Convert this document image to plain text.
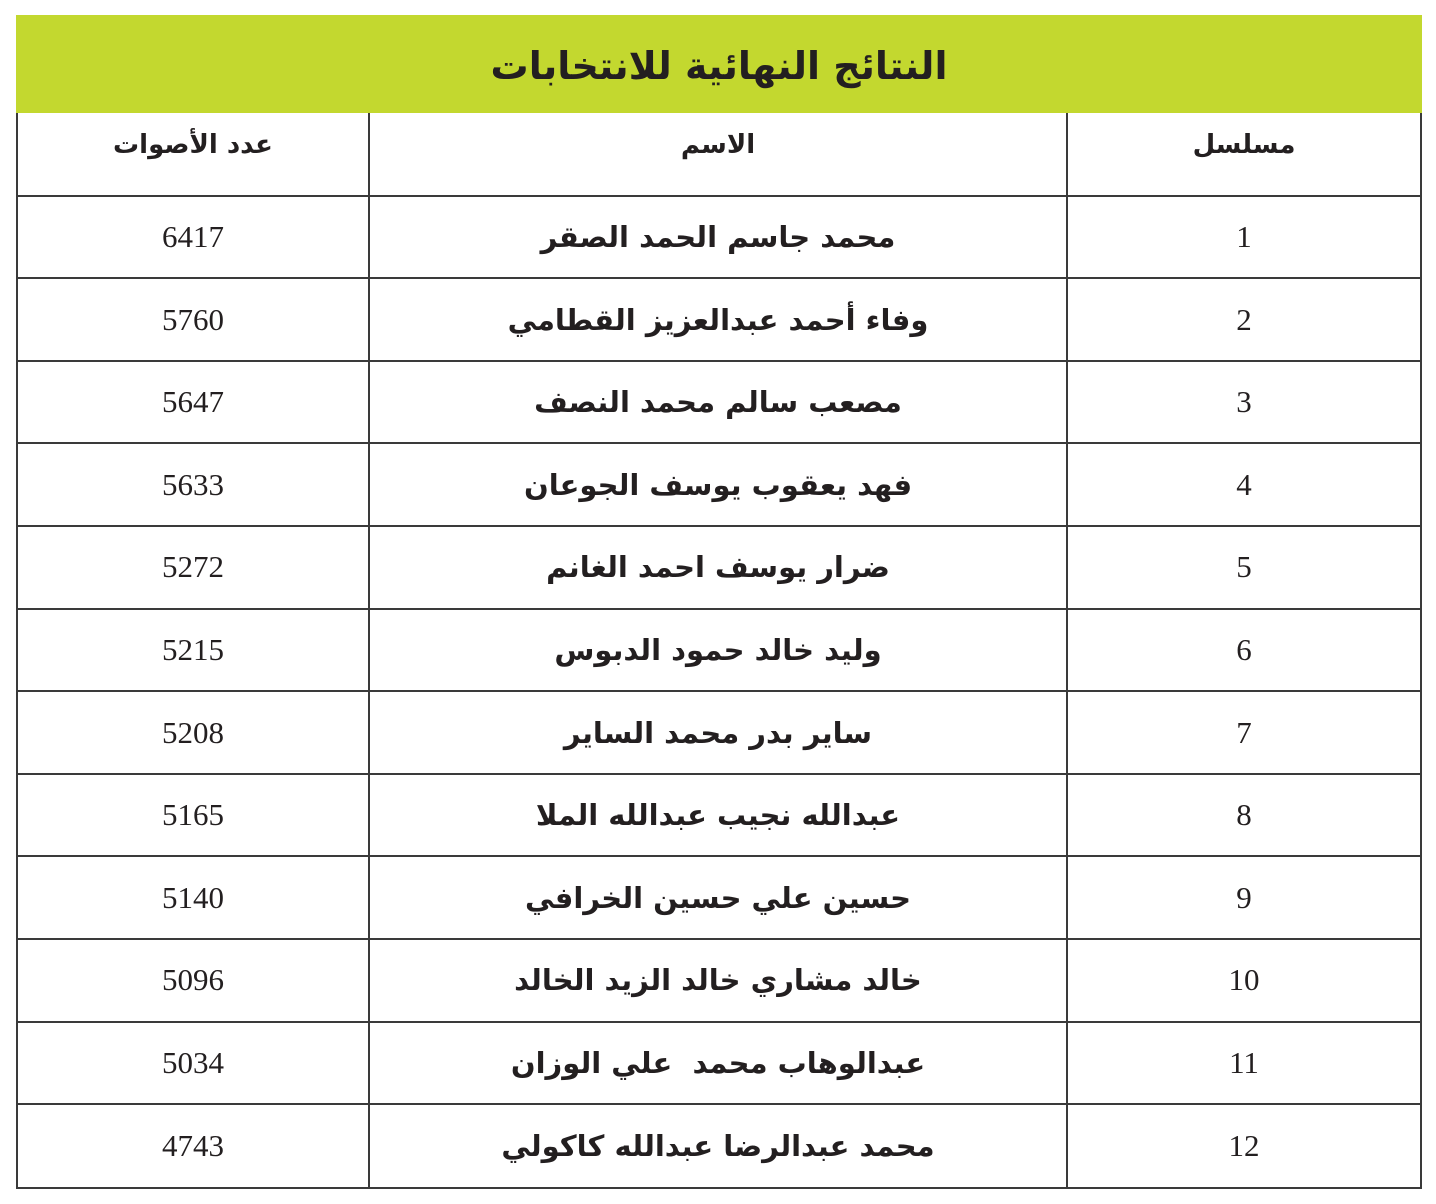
النتائج النهائية للانتخابات
مسلسل	الاسم	عدد الأصوات
1	محمد جاسم الحمد الصقر	6417
2	وفاء أحمد عبدالعزيز القطامي	5760
3	مصعب سالم محمد النصف	5647
4	فهد يعقوب يوسف الجوعان	5633
5	ضرار يوسف احمد الغانم	5272
6	وليد خالد حمود الدبوس	5215
7	ساير بدر محمد الساير	5208
8	عبدالله نجيب عبدالله الملا	5165
9	حسين علي حسين الخرافي	5140
10	خالد مشاري خالد الزيد الخالد	5096
11	عبدالوهاب محمد  علي الوزان	5034
12	محمد عبدالرضا عبدالله كاكولي	4743
